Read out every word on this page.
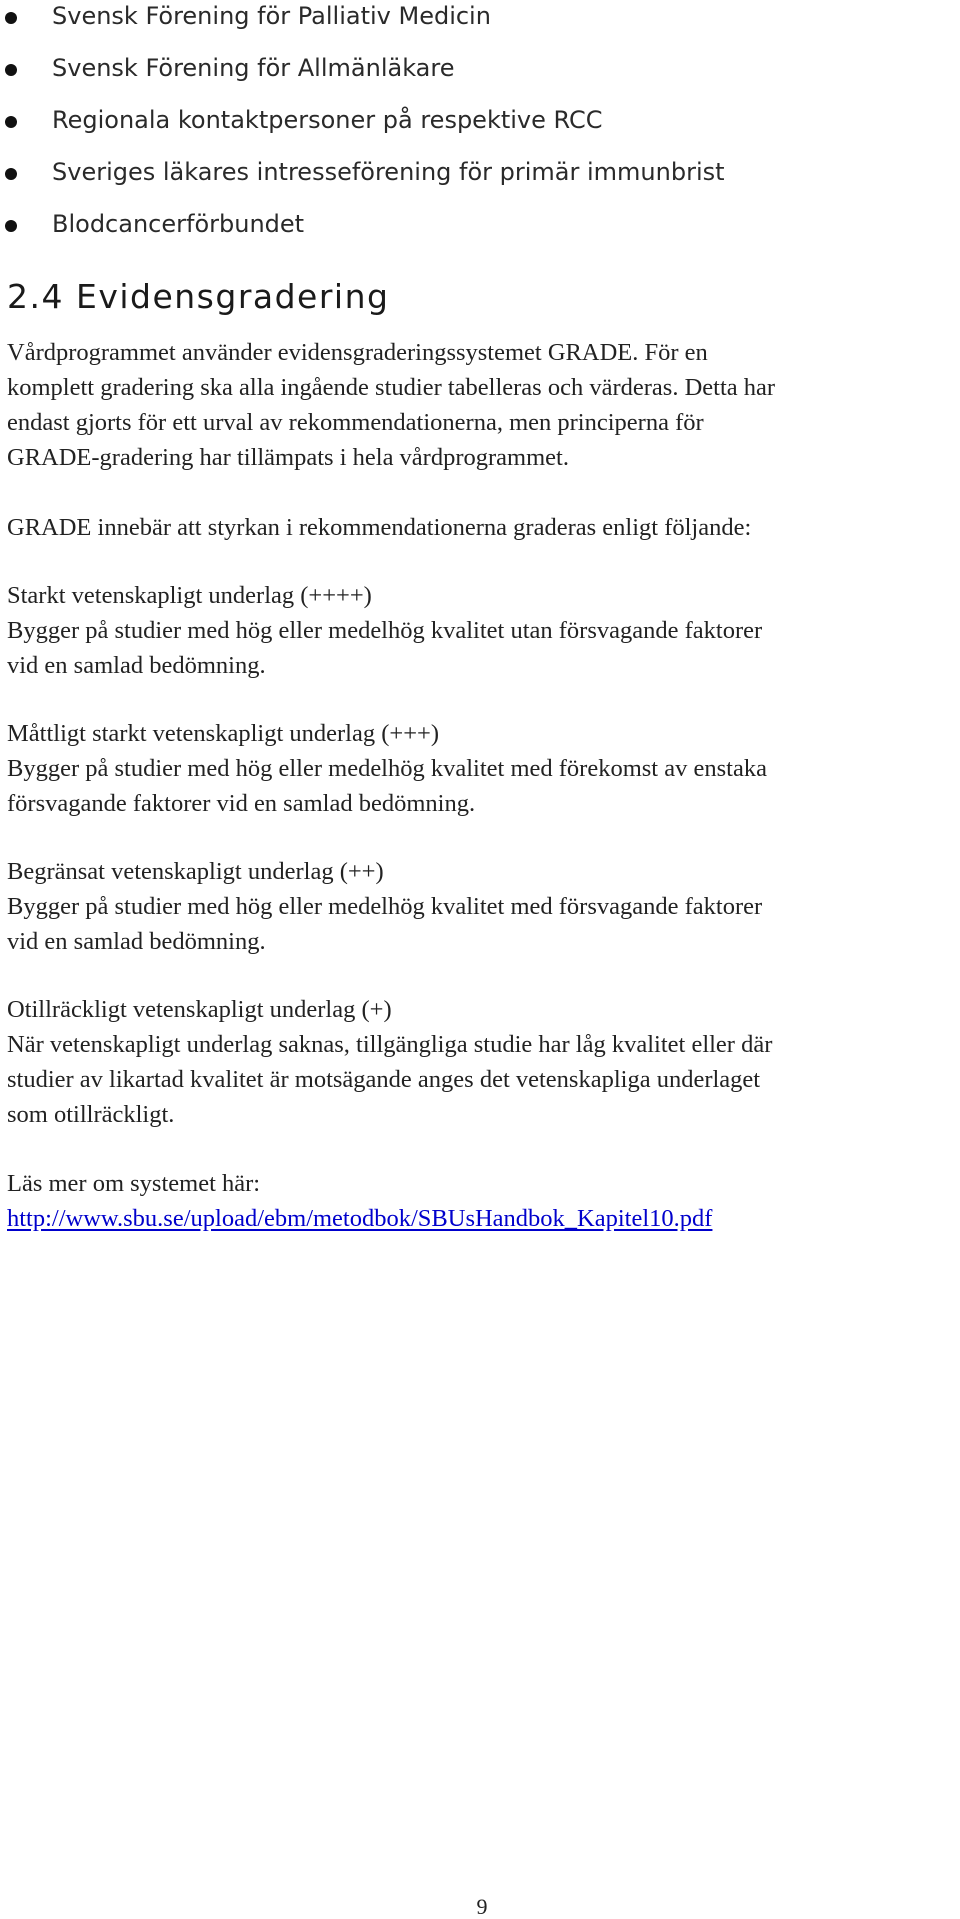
Svensk Förening för Palliativ Medicin
Svensk Förening för Allmänläkare
Regionala kontaktpersoner på respektive RCC
Sveriges läkares intresseförening för primär immunbrist
Blodcancerförbundet
2.4 Evidensgradering

Vårdprogrammet använder evidensgraderingssystemet GRADE. För en
komplett gradering ska alla ingående studier tabelleras och värderas. Detta har
endast gjorts för ett urval av rekommendationerna, men principerna för
GRADE-gradering har tillämpats i hela vårdprogrammet.

GRADE innebär att styrkan i rekommendationerna graderas enligt följande:

Starkt vetenskapligt underlag (++++)
Bygger på studier med hög eller medelhög kvalitet utan försvagande faktorer
vid en samlad bedömning.

Måttligt starkt vetenskapligt underlag (+++)
Bygger på studier med hög eller medelhög kvalitet med förekomst av enstaka
försvagande faktorer vid en samlad bedömning.

Begränsat vetenskapligt underlag (++)
Bygger på studier med hög eller medelhög kvalitet med försvagande faktorer
vid en samlad bedömning.

Otillräckligt vetenskapligt underlag (+)
När vetenskapligt underlag saknas, tillgängliga studie har låg kvalitet eller där
studier av likartad kvalitet är motsägande anges det vetenskapliga underlaget
som otillräckligt.

Läs mer om systemet här:
http://www.sbu.se/upload/ebm/metodbok/SBUsHandbok_Kapitel10.pdf

9
